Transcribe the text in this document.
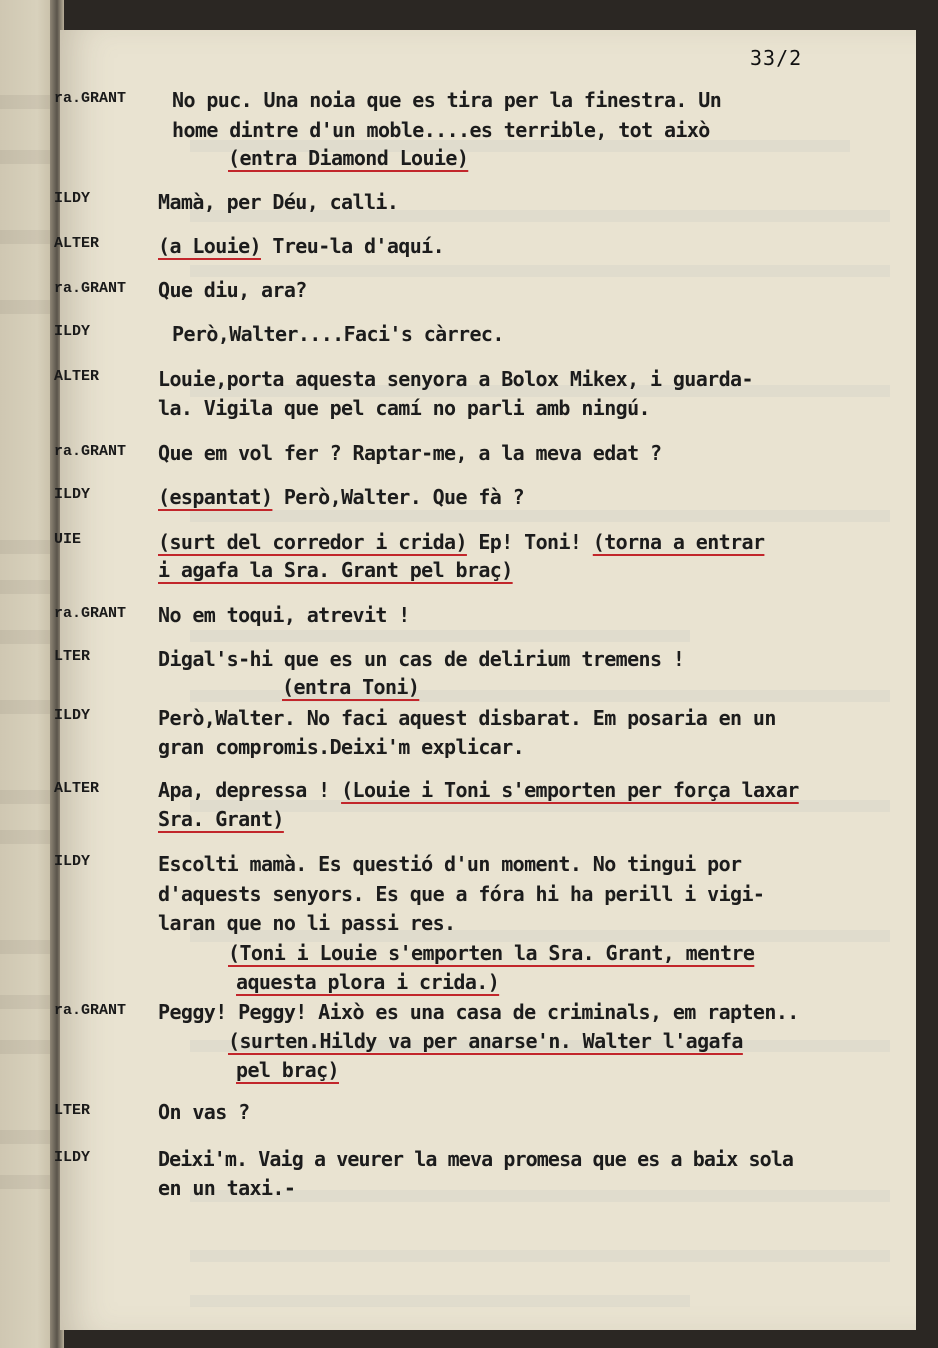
33/2
ra.GRANT	No puc. Una noia que es tira per la finestra. Un
home dintre d'un moble....es terrible, tot això
(entra Diamond Louie)
ILDY	Mamà, per Déu, calli.
ALTER	(a Louie) Treu-la d'aquí.
ra.GRANT	Que diu, ara?
ILDY	Però,Walter....Faci's càrrec.
ALTER	Louie,porta aquesta senyora a Bolox Mikex, i guarda-
la. Vigila que pel camí no parli amb ningú.
ra.GRANT	Que em vol fer ? Raptar-me, a la meva edat ?
ILDY	(espantat) Però,Walter. Que fà ?
UIE	(surt del corredor i crida) Ep! Toni! (torna a entrar
i agafa la Sra. Grant pel braç)
ra.GRANT	No em toqui, atrevit !
LTER	Digal's-hi que es un cas de delirium tremens !
(entra Toni)
ILDY	Però,Walter. No faci aquest disbarat. Em posaria en un
gran compromis.Deixi'm explicar.
ALTER	Apa, depressa ! (Louie i Toni s'emporten per força laxar
Sra. Grant)
ILDY	Escolti mamà. Es questió d'un moment. No tingui por
d'aquests senyors. Es que a fóra hi ha perill i vigi-
laran que no li passi res.
(Toni i Louie s'emporten la Sra. Grant, mentre
aquesta plora i crida.)
ra.GRANT	Peggy! Peggy! Això es una casa de criminals, em rapten..
(surten.Hildy va per anarse'n. Walter l'agafa
pel braç)
LTER	On vas ?
ILDY	Deixi'm. Vaig a veurer la meva promesa que es a baix sola
en un taxi.-
